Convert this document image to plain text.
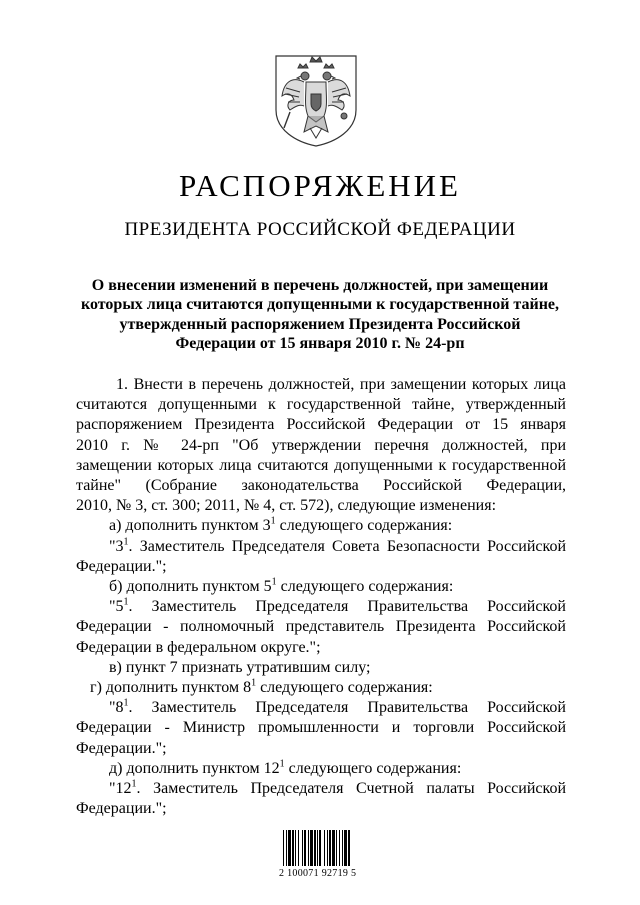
РАСПОРЯЖЕНИЕ
ПРЕЗИДЕНТА РОССИЙСКОЙ ФЕДЕРАЦИИ
О внесении изменений в перечень должностей, при замещении
которых лица считаются допущенными к государственной тайне,
утвержденный распоряжением Президента Российской
Федерации от 15 января 2010 г. № 24-рп

1. Внести в перечень должностей, при замещении которых лица

считаются допущенными к государственной тайне, утвержденный

распоряжением Президента Российской Федерации от 15 января

2010 г. № 24-рп "Об утверждении перечня должностей, при

замещении которых лица считаются допущенными к государственной

тайне" (Собрание законодательства Российской Федерации,

2010, № 3, ст. 300; 2011, № 4, ст. 572), следующие изменения:

а) дополнить пунктом $3^1$ следующего содержания:

"$3^1$. Заместитель Председателя Совета Безопасности Российской

Федерации.";

б) дополнить пунктом $5^1$ следующего содержания:

"$5^1$. Заместитель Председателя Правительства Российской

Федерации - полномочный представитель Президента Российской

Федерации в федеральном округе.";

в) пункт 7 признать утратившим силу;

г) дополнить пунктом $8^1$ следующего содержания:

"$8^1$. Заместитель Председателя Правительства Российской

Федерации - Министр промышленности и торговли Российской

Федерации.";

д) дополнить пунктом $12^1$ следующего содержания:

"$12^1$. Заместитель Председателя Счетной палаты Российской

Федерации.";

2 100071 92719 5
